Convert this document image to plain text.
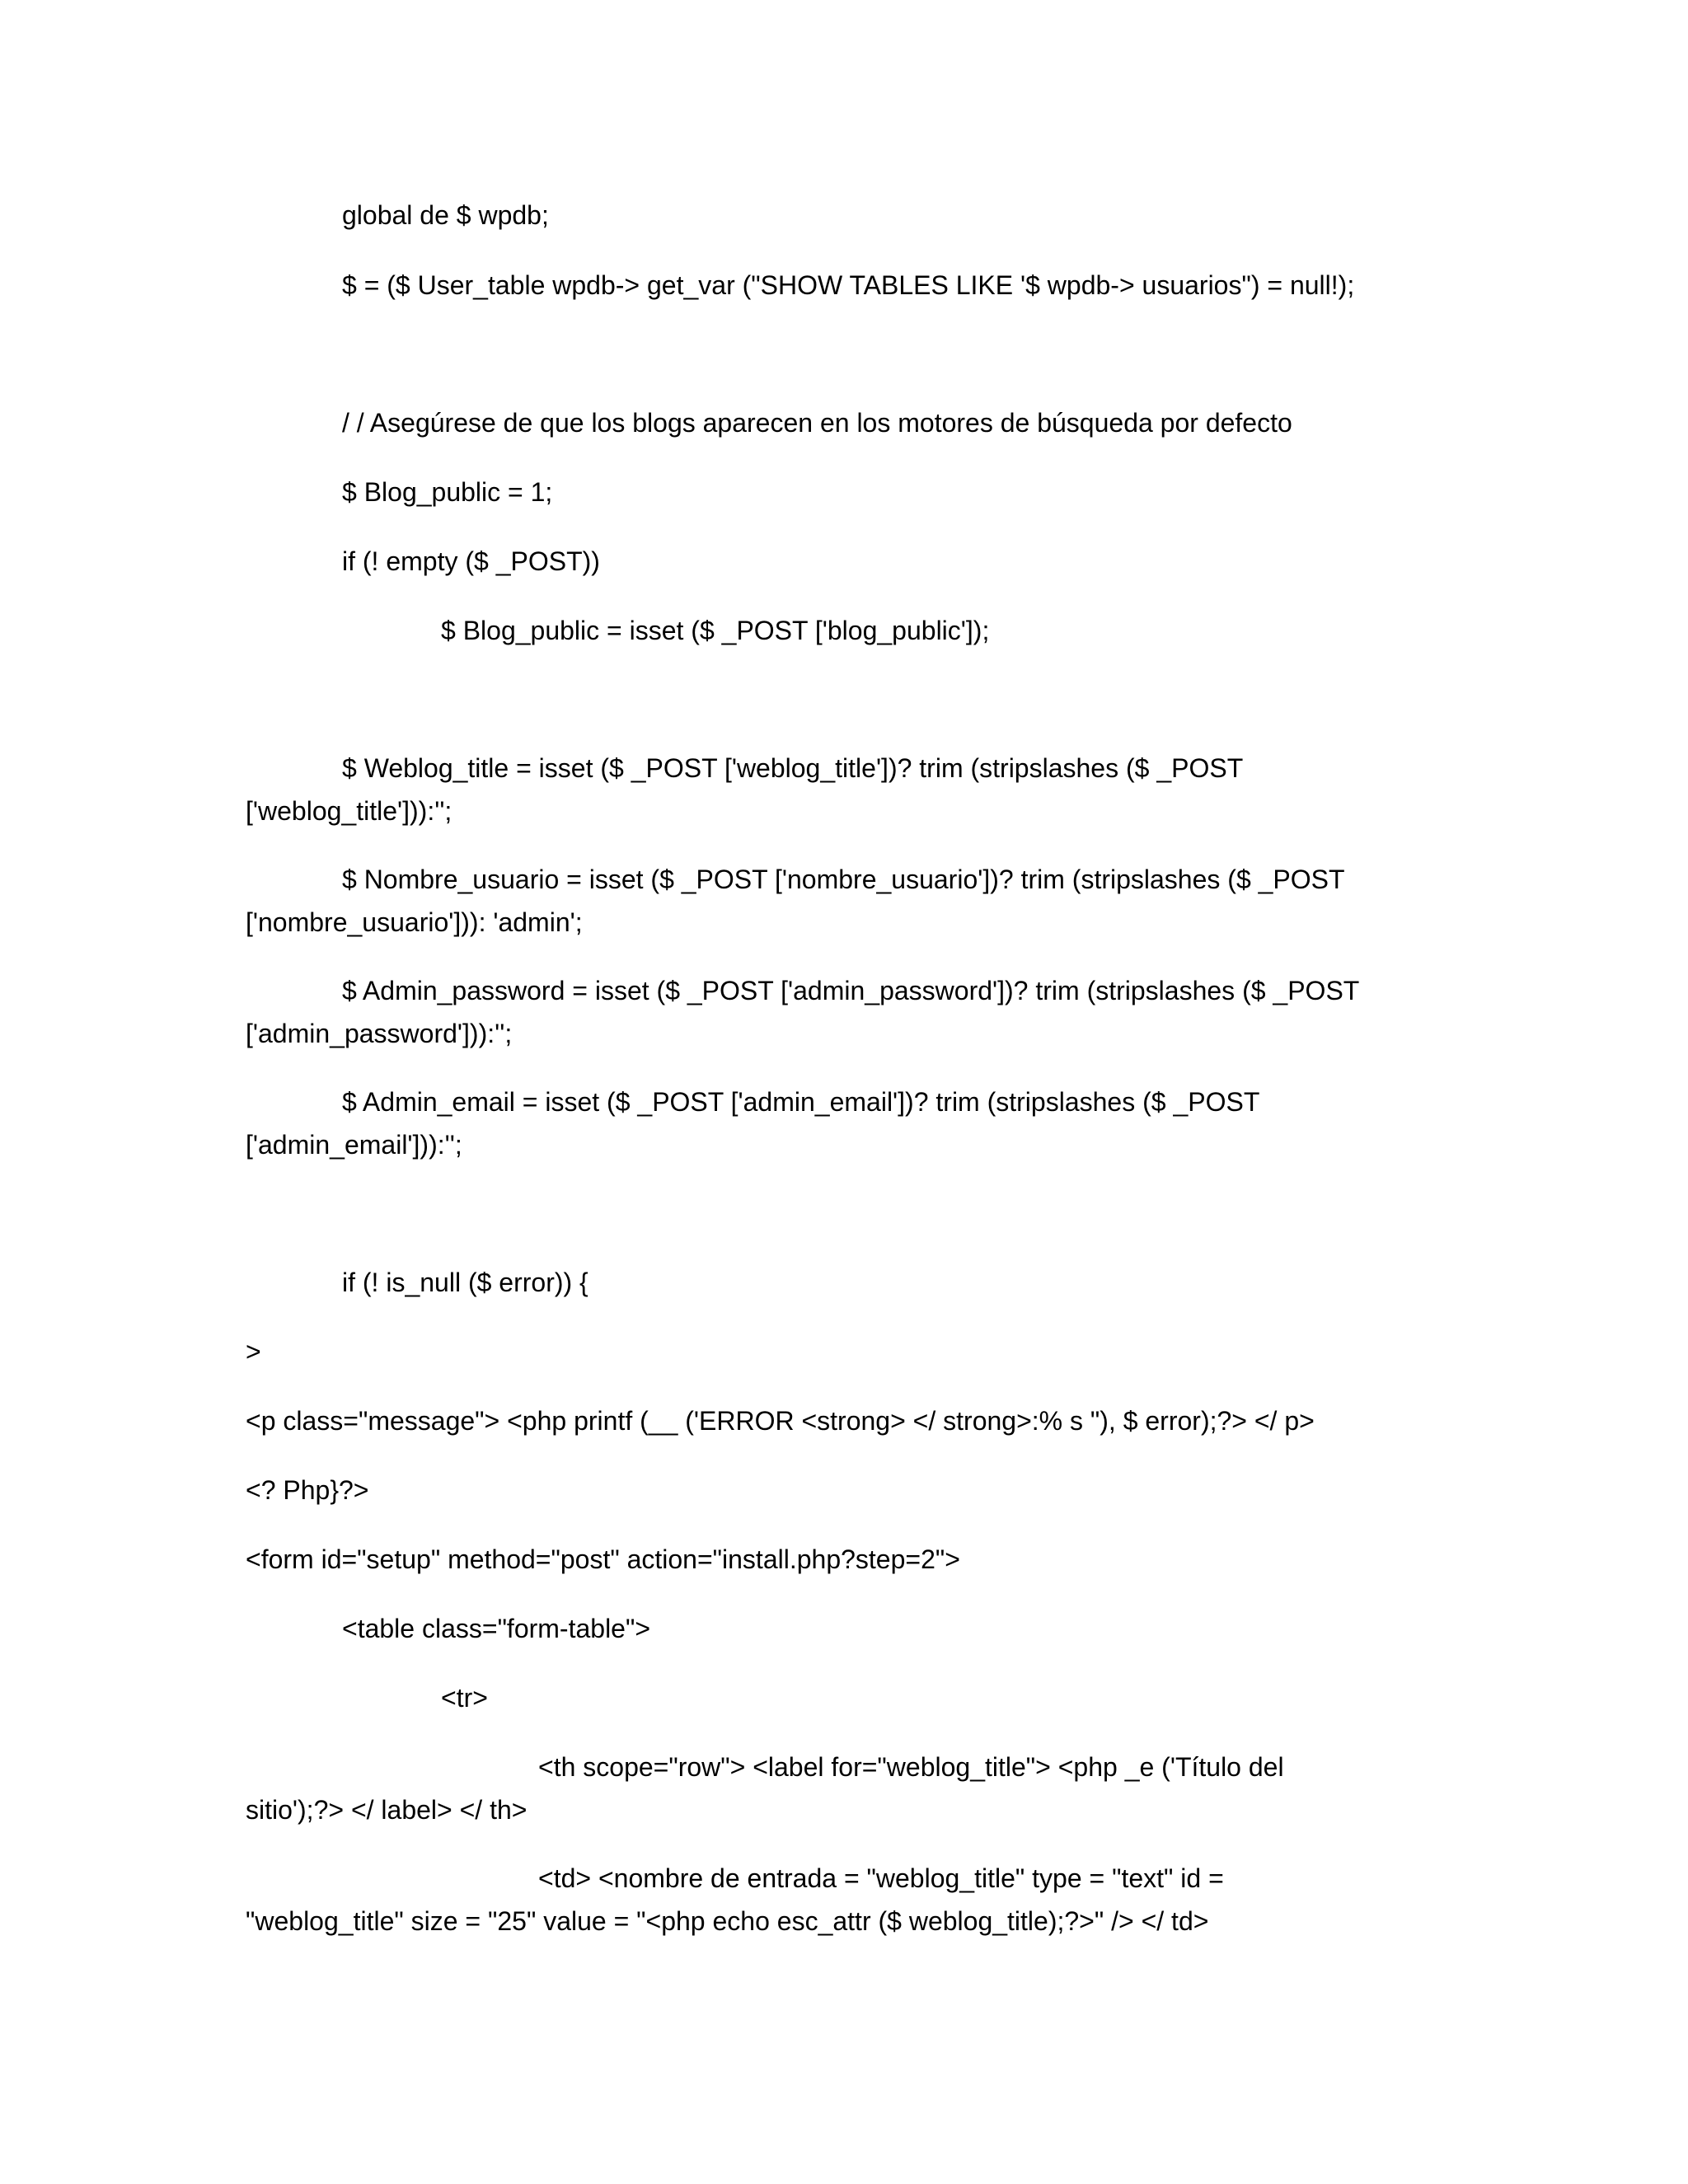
global de $ wpdb;

$ = ($ User_table wpdb-> get_var ("SHOW TABLES LIKE '$ wpdb-> usuarios") = null!);

/ / Asegúrese de que los blogs aparecen en los motores de búsqueda por defecto

$ Blog_public = 1;

if (! empty ($ _POST))

$ Blog_public = isset ($ _POST ['blog_public']);

$ Weblog_title = isset ($ _POST ['weblog_title'])? trim (stripslashes ($ _POST

['weblog_title'])):'';

$ Nombre_usuario = isset ($ _POST ['nombre_usuario'])? trim (stripslashes ($ _POST

['nombre_usuario'])): 'admin';

$ Admin_password = isset ($ _POST ['admin_password'])? trim (stripslashes ($ _POST

['admin_password'])):'';

$ Admin_email = isset ($ _POST ['admin_email'])? trim (stripslashes ($ _POST

['admin_email'])):'';

if (! is_null ($ error)) {

>

<p class="message"> <php printf (__ ('ERROR <strong> </ strong>:% s "), $ error);?> </ p>

<? Php}?>

<form id="setup" method="post" action="install.php?step=2">

<table class="form-table">

<tr>

<th scope="row"> <label for="weblog_title"> <php _e ('Título del

sitio');?> </ label> </ th>

<td> <nombre de entrada = "weblog_title" type = "text" id =

"weblog_title" size = "25" value = "<php echo esc_attr ($ weblog_title);?>" /> </ td>
